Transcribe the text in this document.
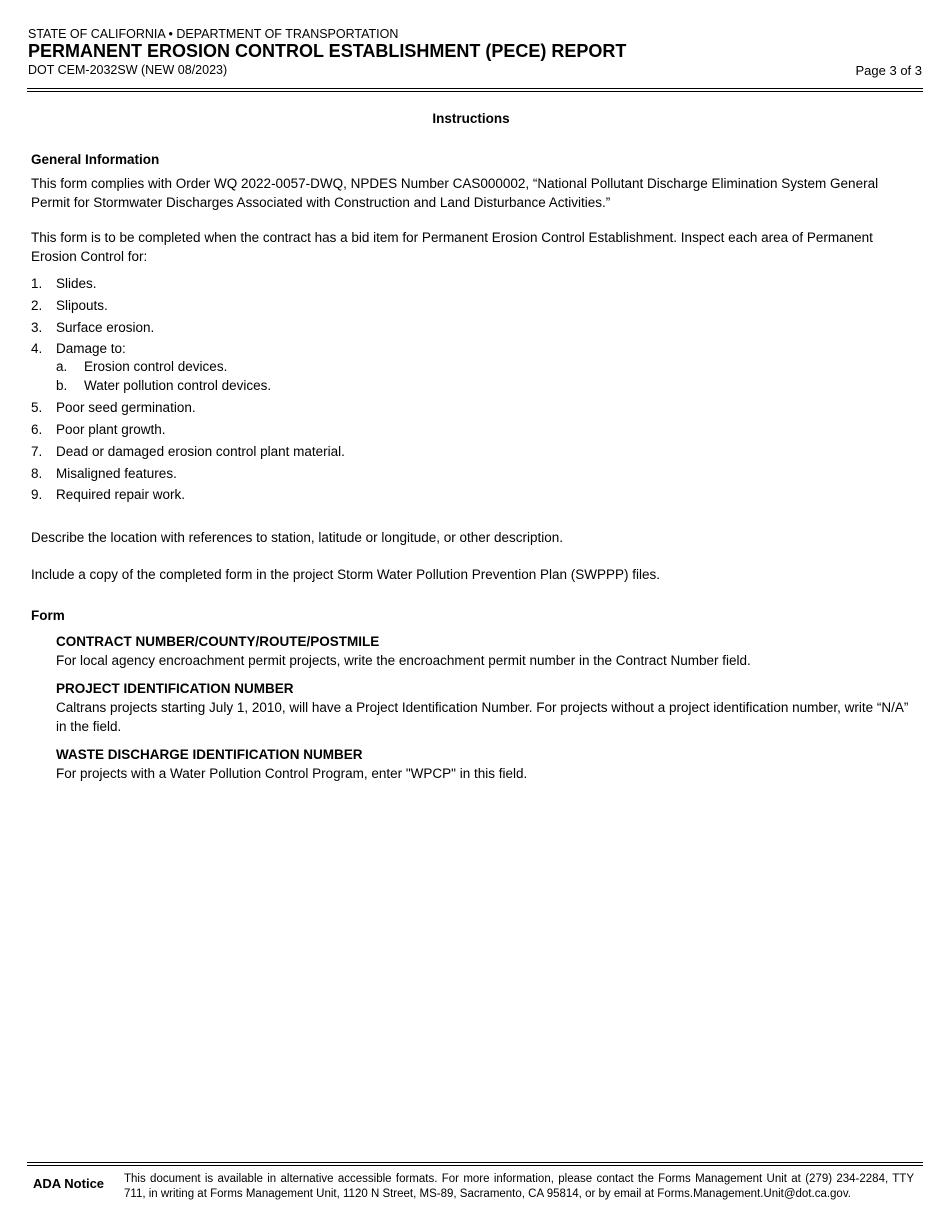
STATE OF CALIFORNIA • DEPARTMENT OF TRANSPORTATION
PERMANENT EROSION CONTROL ESTABLISHMENT (PECE) REPORT
DOT CEM-2032SW (NEW 08/2023)	Page 3 of 3
Instructions
General Information
This form complies with Order WQ 2022-0057-DWQ, NPDES Number CAS000002, “National Pollutant Discharge Elimination System General Permit for Stormwater Discharges Associated with Construction and Land Disturbance Activities.”
This form is to be completed when the contract has a bid item for Permanent Erosion Control Establishment. Inspect each area of Permanent Erosion Control for:
1. Slides.
2. Slipouts.
3. Surface erosion.
4. Damage to:
a. Erosion control devices.
b. Water pollution control devices.
5. Poor seed germination.
6. Poor plant growth.
7. Dead or damaged erosion control plant material.
8. Misaligned features.
9. Required repair work.
Describe the location with references to station, latitude or longitude, or other description.
Include a copy of the completed form in the project Storm Water Pollution Prevention Plan (SWPPP) files.
Form
CONTRACT NUMBER/COUNTY/ROUTE/POSTMILE
For local agency encroachment permit projects, write the encroachment permit number in the Contract Number field.
PROJECT IDENTIFICATION NUMBER
Caltrans projects starting July 1, 2010, will have a Project Identification Number. For projects without a project identification number, write “N/A” in the field.
WASTE DISCHARGE IDENTIFICATION NUMBER
For projects with a Water Pollution Control Program, enter "WPCP" in this field.
ADA Notice This document is available in alternative accessible formats. For more information, please contact the Forms Management Unit at (279) 234-2284, TTY 711, in writing at Forms Management Unit, 1120 N Street, MS-89, Sacramento, CA 95814, or by email at Forms.Management.Unit@dot.ca.gov.
